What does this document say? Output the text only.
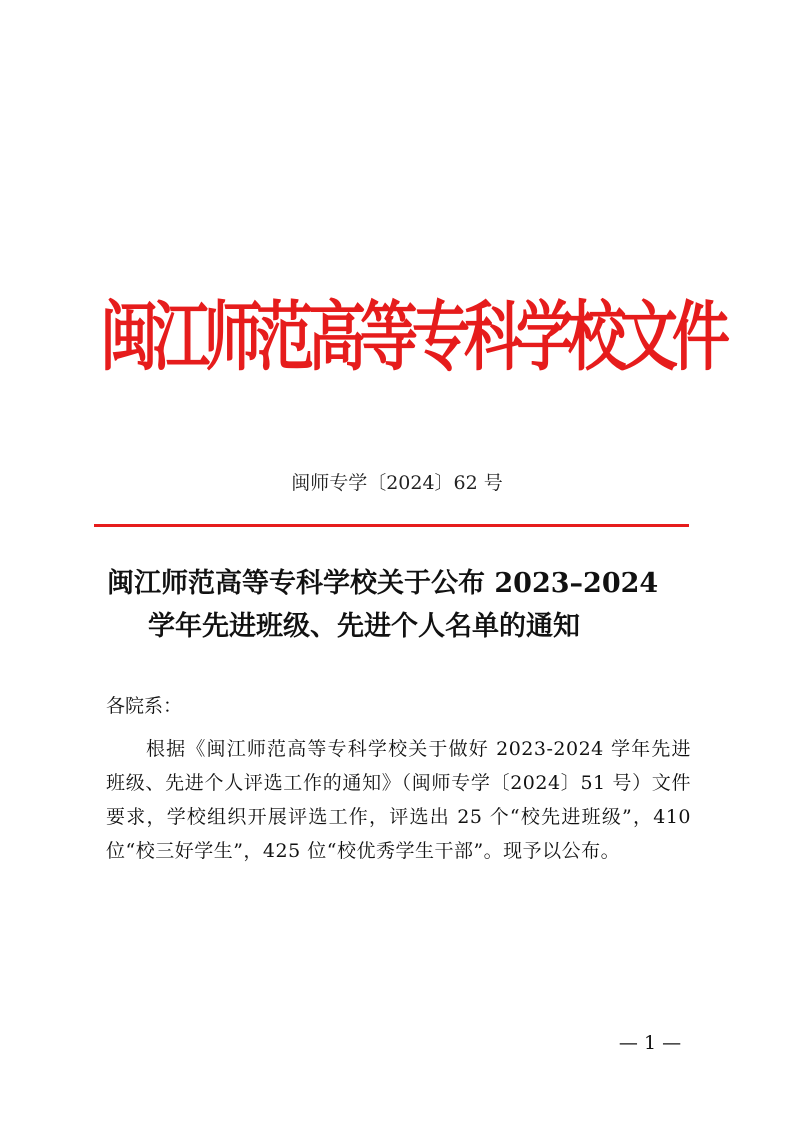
闽江师范高等专科学校文件
闽师专学〔2024〕62 号
闽江师范高等专科学校关于公布 2023–2024
学年先进班级、先进个人名单的通知
各院系：
根据《闽江师范高等专科学校关于做好 2023-2024 学年先进班级、先进个人评选工作的通知》（闽师专学〔2024〕51 号）文件要求，学校组织开展评选工作，评选出 25 个“校先进班级”，410 位“校三好学生”，425 位“校优秀学生干部”。现予以公布。
— 1 —
